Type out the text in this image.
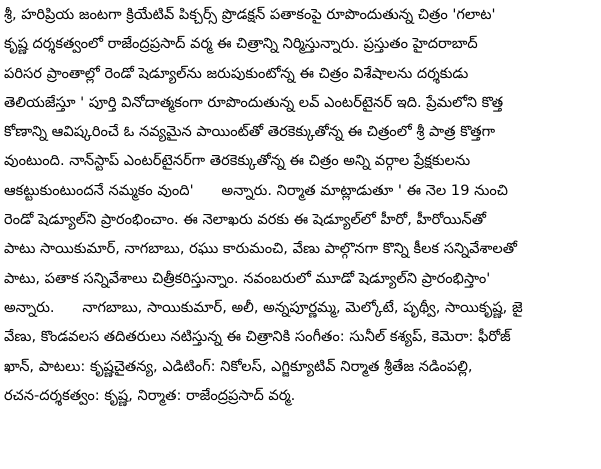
శ్రీ, హరిప్రియ జంటగా క్రియేటివ్ పిక్చర్స్ ప్రొడక్షన్ పతాకంపై రూపొందుతున్న చిత్రం 'గలాట'
కృష్ణ దర్శకత్వంలో రాజేంద్రప్రసాద్ వర్మ ఈ చిత్రాన్ని నిర్మిస్తున్నారు. ప్రస్తుతం హైదరాబాద్
పరిసర ప్రాంతాల్లో రెండో షెడ్యూల్‌ను జరుపుకుంటోన్న ఈ చిత్రం విశేషాలను దర్శకుడు
తెలియజేస్తూ ' పూర్తి వినోదాత్మకంగా రూపొందుతున్న లవ్ ఎంటర్‌టైనర్ ఇది. ప్రేమలోని కొత్త
కోణాన్ని ఆవిష్కరించే ఓ నవ్యమైన పాయింట్‌తో తెరకెక్కుతోన్న ఈ చిత్రంలో శ్రీ పాత్ర కొత్తగా
వుంటుంది. నాన్‌స్టాప్ ఎంటర్‌టైనర్‌గా తెరకెక్కుతోన్న ఈ చిత్రం అన్ని వర్గాల ప్రేక్షకులను
ఆకట్టుకుంటుందనే నమ్మకం వుంది'      అన్నారు. నిర్మాత మాట్లాడుతూ ' ఈ నెల 19 నుంచి
రెండో షెడ్యూల్‌ని ప్రారంభించాం. ఈ నెలాఖరు వరకు ఈ షెడ్యూల్‌లో హీరో, హీరోయిన్‌తో
పాటు సాయికుమార్, నాగబాబు, రఘు కారుమంచి, వేణు పాల్గొనగా కొన్ని కీలక సన్నివేశాలతో
పాటు, పతాక సన్నివేశాలు చిత్రీకరిస్తున్నాం. నవంబరులో మూడో షెడ్యూల్‌ని ప్రారంభిస్తాం'
అన్నారు.      నాగబాబు, సాయికుమార్, అలీ, అన్నపూర్ణమ్మ, మెల్కోటే, పృథ్వీ, సాయికృష్ణ, జై
వేణు, కొండవలస తదితరులు నటిస్తున్న ఈ చిత్రానికి సంగీతం: సునీల్ కశ్యప్, కెమెరా: ఫీరోజ్
ఖాన్, పాటలు: కృష్ణచైతన్య, ఎడిటింగ్: నికోలస్, ఎగ్జిక్యూటివ్ నిర్మాత శ్రీతేజ నడింపల్లి,
రచన-దర్శకత్వం: కృష్ణ, నిర్మాత: రాజేంద్రప్రసాద్ వర్మ.
